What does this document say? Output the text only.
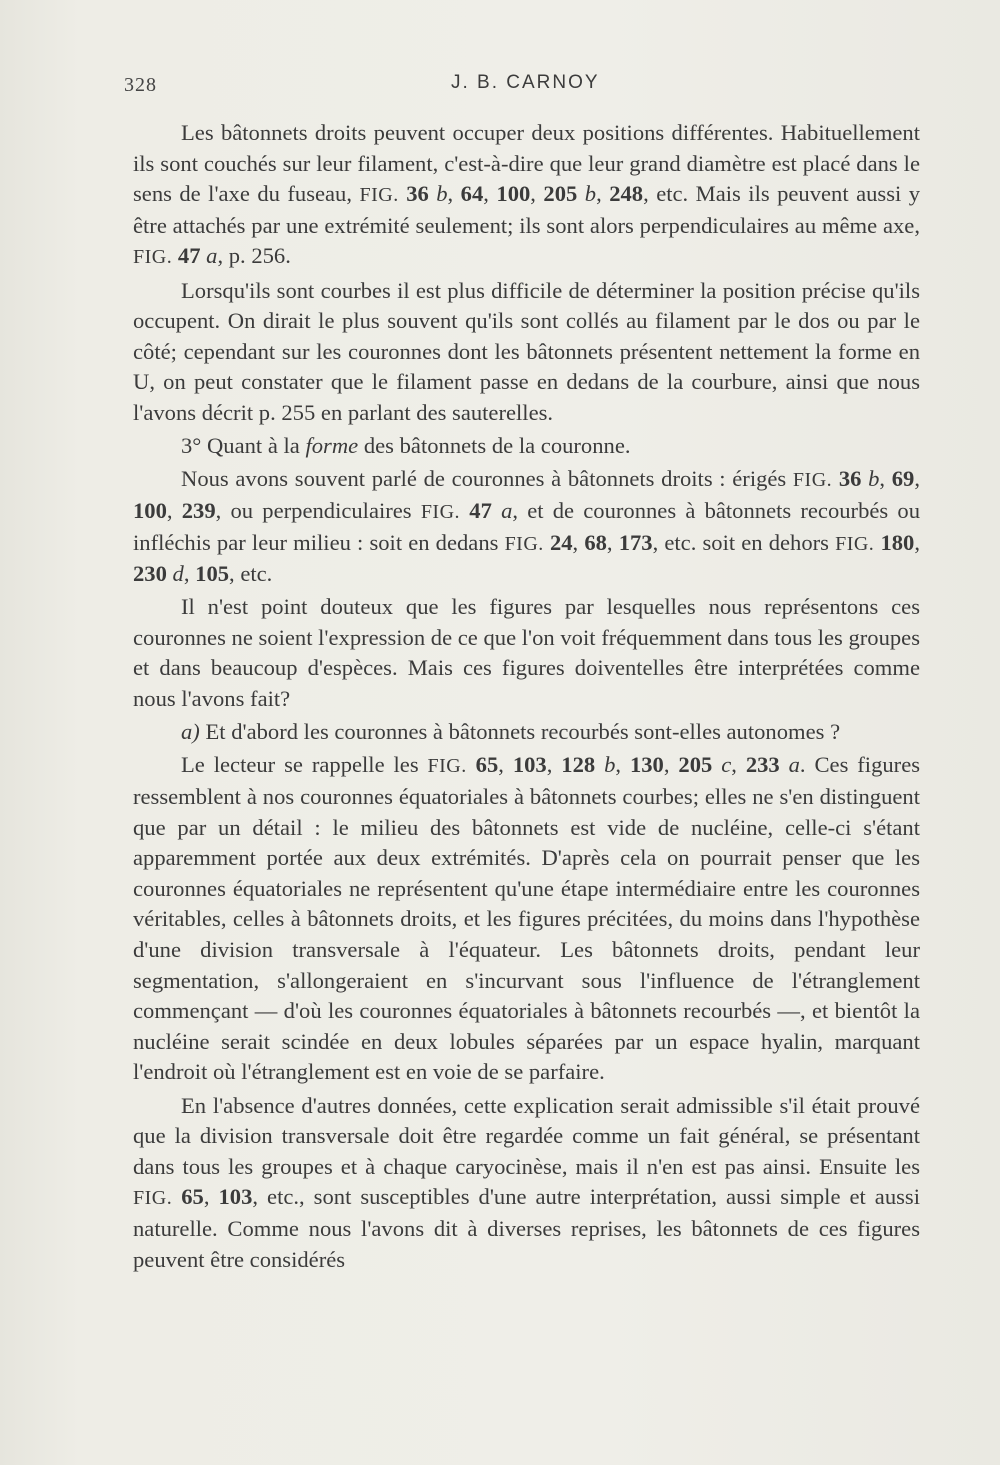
328	J. B. CARNOY

Les bâtonnets droits peuvent occuper deux positions différentes. Habituellement ils sont couchés sur leur filament, c'est-à-dire que leur grand diamètre est placé dans le sens de l'axe du fuseau, FIG. 36 b, 64, 100, 205 b, 248, etc. Mais ils peuvent aussi y être attachés par une extrémité seulement; ils sont alors perpendiculaires au même axe, FIG. 47 a, p. 256.

Lorsqu'ils sont courbes il est plus difficile de déterminer la position précise qu'ils occupent. On dirait le plus souvent qu'ils sont collés au filament par le dos ou par le côté; cependant sur les couronnes dont les bâtonnets présentent nettement la forme en U, on peut constater que le filament passe en dedans de la courbure, ainsi que nous l'avons décrit p. 255 en parlant des sauterelles.

3° Quant à la forme des bâtonnets de la couronne.

Nous avons souvent parlé de couronnes à bâtonnets droits : érigés FIG. 36 b, 69, 100, 239, ou perpendiculaires FIG. 47 a, et de couronnes à bâtonnets recourbés ou infléchis par leur milieu : soit en dedans FIG. 24, 68, 173, etc. soit en dehors FIG. 180, 230 d, 105, etc.

Il n'est point douteux que les figures par lesquelles nous représentons ces couronnes ne soient l'expression de ce que l'on voit fréquemment dans tous les groupes et dans beaucoup d'espèces. Mais ces figures doiventelles être interprétées comme nous l'avons fait?

a) Et d'abord les couronnes à bâtonnets recourbés sont-elles autonomes ?

Le lecteur se rappelle les FIG. 65, 103, 128 b, 130, 205 c, 233 a. Ces figures ressemblent à nos couronnes équatoriales à bâtonnets courbes; elles ne s'en distinguent que par un détail : le milieu des bâtonnets est vide de nucléine, celle-ci s'étant apparemment portée aux deux extrémités. D'après cela on pourrait penser que les couronnes équatoriales ne représentent qu'une étape intermédiaire entre les couronnes véritables, celles à bâtonnets droits, et les figures précitées, du moins dans l'hypothèse d'une division transversale à l'équateur. Les bâtonnets droits, pendant leur segmentation, s'allongeraient en s'incurvant sous l'influence de l'étranglement commençant — d'où les couronnes équatoriales à bâtonnets recourbés —, et bientôt la nucléine serait scindée en deux lobules séparées par un espace hyalin, marquant l'endroit où l'étranglement est en voie de se parfaire.

En l'absence d'autres données, cette explication serait admissible s'il était prouvé que la division transversale doit être regardée comme un fait général, se présentant dans tous les groupes et à chaque caryocinèse, mais il n'en est pas ainsi. Ensuite les FIG. 65, 103, etc., sont susceptibles d'une autre interprétation, aussi simple et aussi naturelle. Comme nous l'avons dit à diverses reprises, les bâtonnets de ces figures peuvent être considérés
